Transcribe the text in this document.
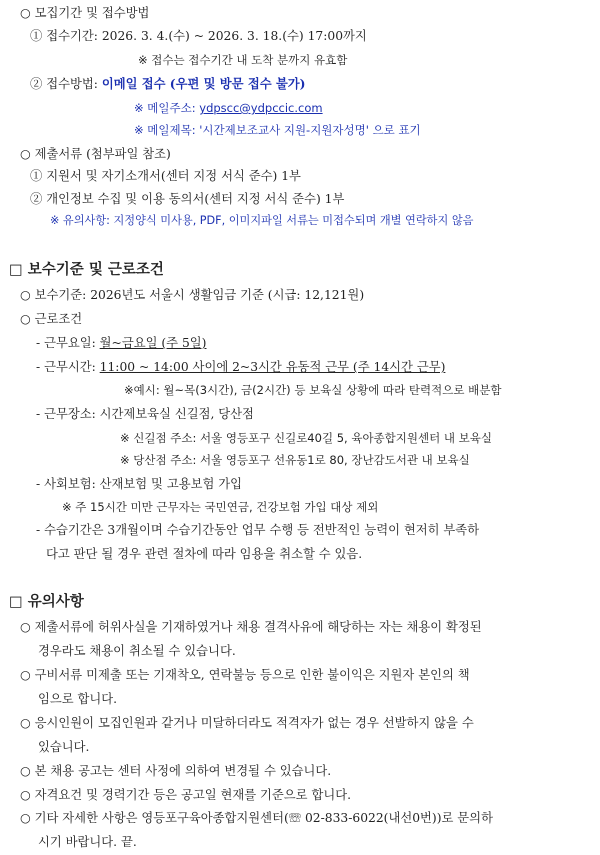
○ 모집기간 및 접수방법
① 접수기간: 2026. 3. 4.(수) ~ 2026. 3. 18.(수) 17:00까지
※ 접수는 접수기간 내 도착 분까지 유효함
② 접수방법: 이메일 접수 (우편 및 방문 접수 불가)
※ 메일주소: ydpscc@ydpccic.com
※ 메일제목: '시간제보조교사 지원-지원자성명' 으로 표기
○ 제출서류 (첨부파일 참조)
① 지원서 및 자기소개서(센터 지정 서식 준수) 1부
② 개인정보 수집 및 이용 동의서(센터 지정 서식 준수) 1부
※ 유의사항: 지정양식 미사용, PDF, 이미지파일 서류는 미접수되며 개별 연락하지 않음
□ 보수기준 및 근로조건
○ 보수기준: 2026년도 서울시 생활임금 기준 (시급: 12,121원)
○ 근로조건
- 근무요일: 월~금요일 (주 5일)
- 근무시간: 11:00 ~ 14:00 사이에 2~3시간 유동적 근무 (주 14시간 근무)
※예시: 월~목(3시간), 금(2시간) 등 보육실 상황에 따라 탄력적으로 배분함
- 근무장소: 시간제보육실 신길점, 당산점
※ 신길점 주소: 서울 영등포구 신길로40길 5, 육아종합지원센터 내 보육실
※ 당산점 주소: 서울 영등포구 선유동1로 80, 장난감도서관 내 보육실
- 사회보험: 산재보험 및 고용보험 가입
※ 주 15시간 미만 근무자는 국민연금, 건강보험 가입 대상 제외
- 수습기간은 3개월이며 수습기간동안 업무 수행 등 전반적인 능력이 현저히 부족하
다고 판단 될 경우 관련 절차에 따라 임용을 취소할 수 있음.
□ 유의사항
○ 제출서류에 허위사실을 기재하였거나 채용 결격사유에 해당하는 자는 채용이 확정된
경우라도 채용이 취소될 수 있습니다.
○ 구비서류 미제출 또는 기재착오, 연락불능 등으로 인한 불이익은 지원자 본인의 책
임으로 합니다.
○ 응시인원이 모집인원과 같거나 미달하더라도 적격자가 없는 경우 선발하지 않을 수
있습니다.
○ 본 채용 공고는 센터 사정에 의하여 변경될 수 있습니다.
○ 자격요건 및 경력기간 등은 공고일 현재를 기준으로 합니다.
○ 기타 자세한 사항은 영등포구육아종합지원센터(☏ 02-833-6022(내선0번))로 문의하
시기 바랍니다. 끝.
